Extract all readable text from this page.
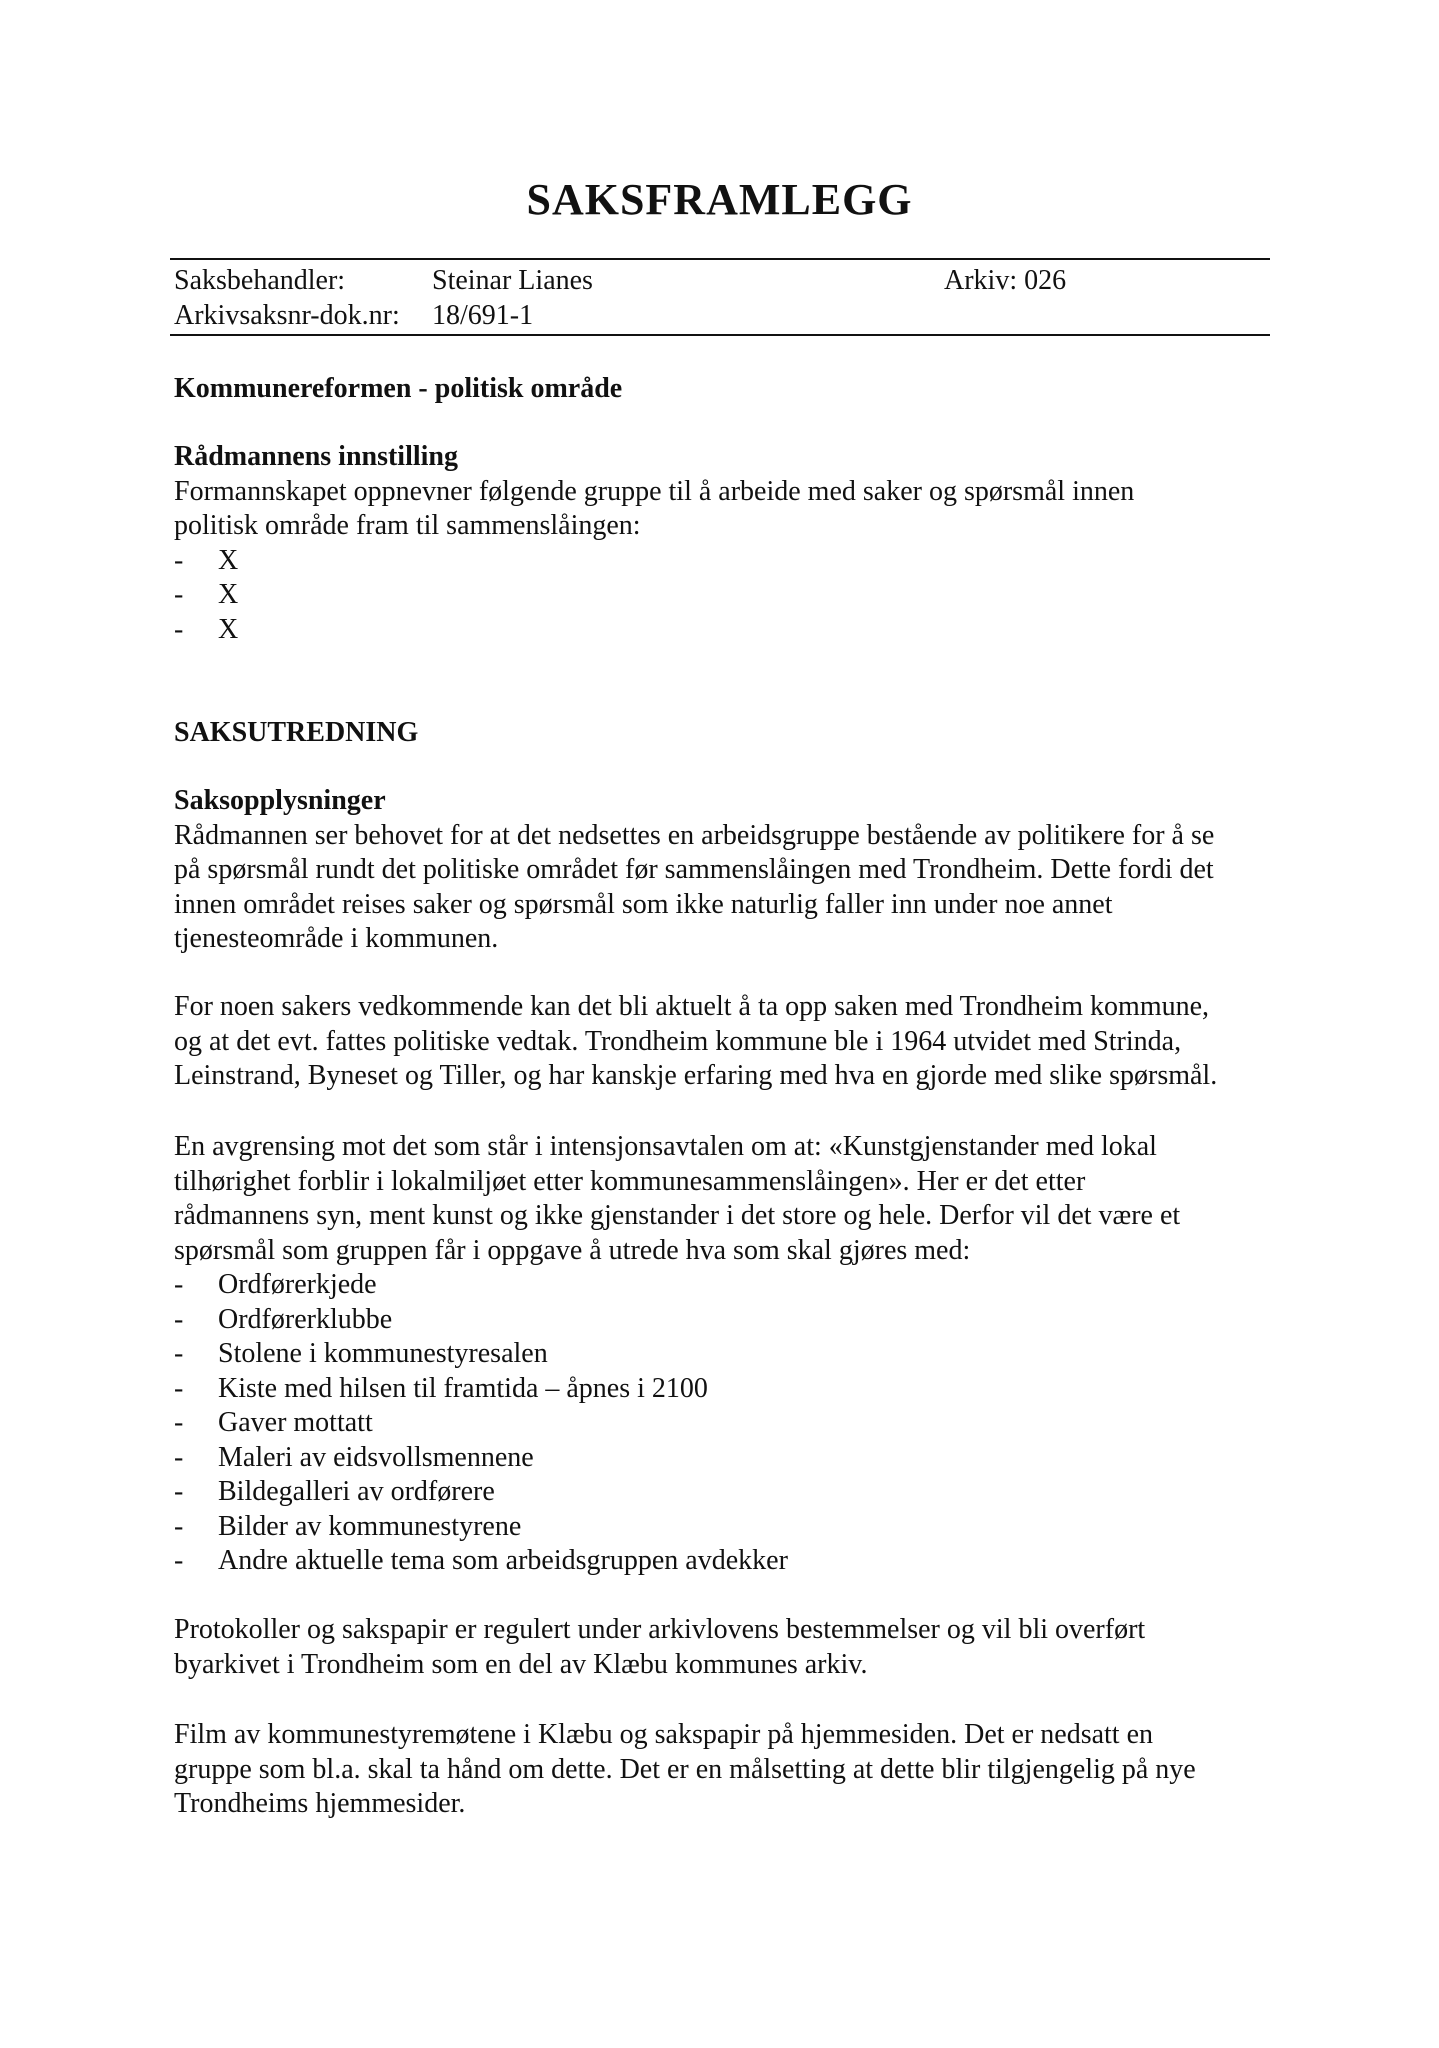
SAKSFRAMLEGG
Saksbehandler:	Steinar Lianes	Arkiv: 026
Arkivsaksnr-dok.nr: 18/691-1
Kommunereformen - politisk område

Rådmannens innstilling

Formannskapet oppnevner følgende gruppe til å arbeide med saker og spørsmål innen

politisk område fram til sammenslåingen:

- X
- X
- X
SAKSUTREDNING

Saksopplysninger

Rådmannen ser behovet for at det nedsettes en arbeidsgruppe bestående av politikere for å se

på spørsmål rundt det politiske området før sammenslåingen med Trondheim. Dette fordi det

innen området reises saker og spørsmål som ikke naturlig faller inn under noe annet

tjenesteområde i kommunen.

For noen sakers vedkommende kan det bli aktuelt å ta opp saken med Trondheim kommune,

og at det evt. fattes politiske vedtak. Trondheim kommune ble i 1964 utvidet med Strinda,

Leinstrand, Byneset og Tiller, og har kanskje erfaring med hva en gjorde med slike spørsmål.

En avgrensing mot det som står i intensjonsavtalen om at: «Kunstgjenstander med lokal

tilhørighet forblir i lokalmiljøet etter kommunesammenslåingen». Her er det etter

rådmannens syn, ment kunst og ikke gjenstander i det store og hele. Derfor vil det være et

spørsmål som gruppen får i oppgave å utrede hva som skal gjøres med:

- Ordførerkjede
- Ordførerklubbe
- Stolene i kommunestyresalen
- Kiste med hilsen til framtida – åpnes i 2100
- Gaver mottatt
- Maleri av eidsvollsmennene
- Bildegalleri av ordførere
- Bilder av kommunestyrene
- Andre aktuelle tema som arbeidsgruppen avdekker

Protokoller og sakspapir er regulert under arkivlovens bestemmelser og vil bli overført

byarkivet i Trondheim som en del av Klæbu kommunes arkiv.

Film av kommunestyremøtene i Klæbu og sakspapir på hjemmesiden. Det er nedsatt en

gruppe som bl.a. skal ta hånd om dette. Det er en målsetting at dette blir tilgjengelig på nye

Trondheims hjemmesider.
